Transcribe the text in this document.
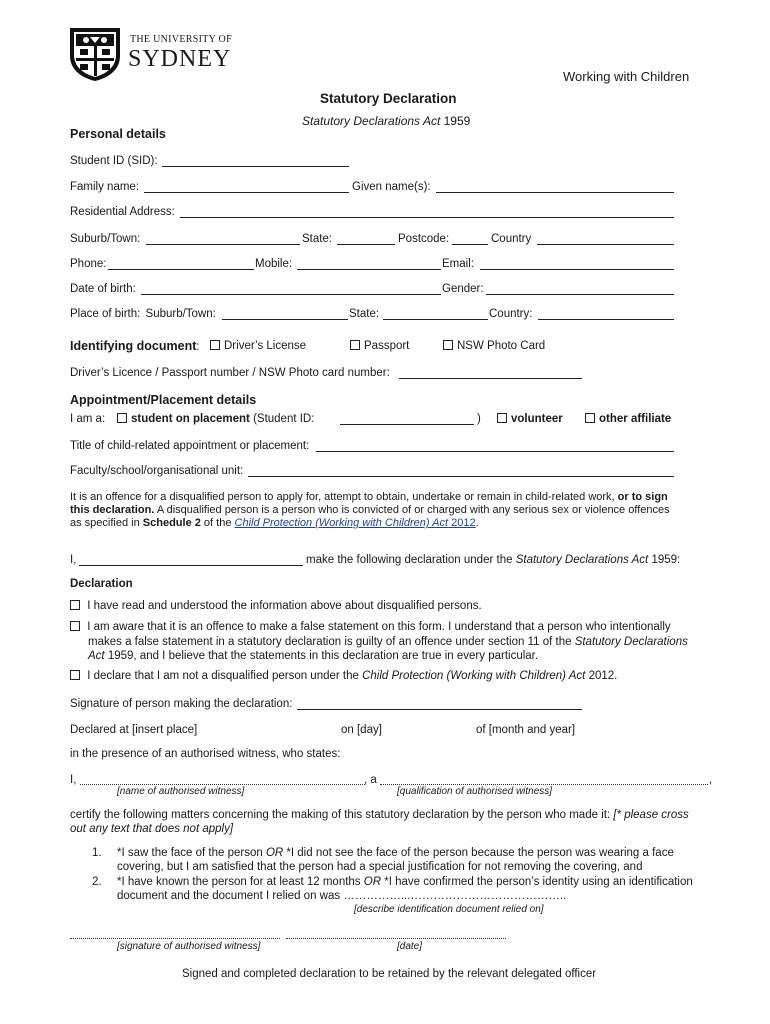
THE UNIVERSITY OF
SYDNEY
Working with Children
Statutory Declaration
Statutory Declarations Act 1959
Personal details
Student ID (SID):
Family name:	Given name(s):
Residential Address:
Suburb/Town:	State:	Postcode:	Country
Phone:	Mobile:	Email:
Date of birth:	Gender:
Place of birth: Suburb/Town:	State:	Country:
Identifying document:	Driver’s License	Passport	NSW Photo Card
Driver’s Licence / Passport number / NSW Photo card number:
Appointment/Placement details
I am a:	student on placement (Student ID:	)	volunteer	other affiliate
Title of child-related appointment or placement:
Faculty/school/organisational unit:
It is an offence for a disqualified person to apply for, attempt to obtain, undertake or remain in child-related work, or to sign
this declaration. A disqualified person is a person who is convicted of or charged with any serious sex or violence offences
as specified in Schedule 2 of the Child Protection (Working with Children) Act 2012.
I,	make the following declaration under the Statutory Declarations Act 1959:
Declaration
I have read and understood the information above about disqualified persons.
I am aware that it is an offence to make a false statement on this form. I understand that a person who intentionally
makes a false statement in a statutory declaration is guilty of an offence under section 11 of the Statutory Declarations
Act 1959, and I believe that the statements in this declaration are true in every particular.
I declare that I am not a disqualified person under the Child Protection (Working with Children) Act 2012.
Signature of person making the declaration:
Declared at [insert place]	on [day]	of [month and year]
in the presence of an authorised witness, who states:
I,	, a	,
[name of authorised witness]	[qualification of authorised witness]
certify the following matters concerning the making of this statutory declaration by the person who made it: [* please cross
out any text that does not apply]
1. *I saw the face of the person OR *I did not see the face of the person because the person was wearing a face
covering, but I am satisfied that the person had a special justification for not removing the covering, and
2. *I have known the person for at least 12 months OR *I have confirmed the person’s identity using an identification
document and the document I relied on was ……………...…………………………………..
[describe identification document relied on]
[signature of authorised witness]	[date]
Signed and completed declaration to be retained by the relevant delegated officer
